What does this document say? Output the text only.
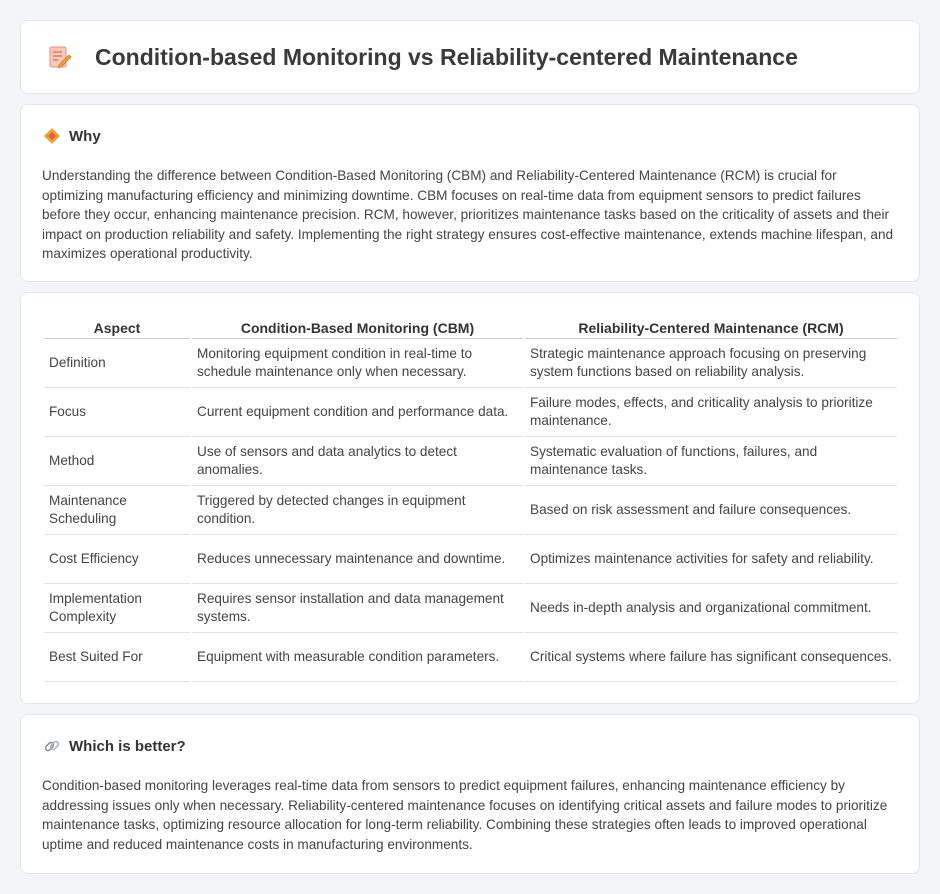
Condition-based Monitoring vs Reliability-centered Maintenance
Why

Understanding the difference between Condition-Based Monitoring (CBM) and Reliability-Centered Maintenance (RCM) is crucial for optimizing manufacturing efficiency and minimizing downtime. CBM focuses on real-time data from equipment sensors to predict failures before they occur, enhancing maintenance precision. RCM, however, prioritizes maintenance tasks based on the criticality of assets and their impact on production reliability and safety. Implementing the right strategy ensures cost-effective maintenance, extends machine lifespan, and maximizes operational productivity.

Aspect	Condition-Based Monitoring (CBM)	Reliability-Centered Maintenance (RCM)
Definition	Monitoring equipment condition in real-time to schedule maintenance only when necessary.	Strategic maintenance approach focusing on preserving system functions based on reliability analysis.
Focus	Current equipment condition and performance data.	Failure modes, effects, and criticality analysis to prioritize maintenance.
Method	Use of sensors and data analytics to detect anomalies.	Systematic evaluation of functions, failures, and maintenance tasks.
Maintenance Scheduling	Triggered by detected changes in equipment condition.	Based on risk assessment and failure consequences.
Cost Efficiency	Reduces unnecessary maintenance and downtime.	Optimizes maintenance activities for safety and reliability.
Implementation Complexity	Requires sensor installation and data management systems.	Needs in-depth analysis and organizational commitment.
Best Suited For	Equipment with measurable condition parameters.	Critical systems where failure has significant consequences.
Which is better?

Condition-based monitoring leverages real-time data from sensors to predict equipment failures, enhancing maintenance efficiency by addressing issues only when necessary. Reliability-centered maintenance focuses on identifying critical assets and failure modes to prioritize maintenance tasks, optimizing resource allocation for long-term reliability. Combining these strategies often leads to improved operational uptime and reduced maintenance costs in manufacturing environments.
